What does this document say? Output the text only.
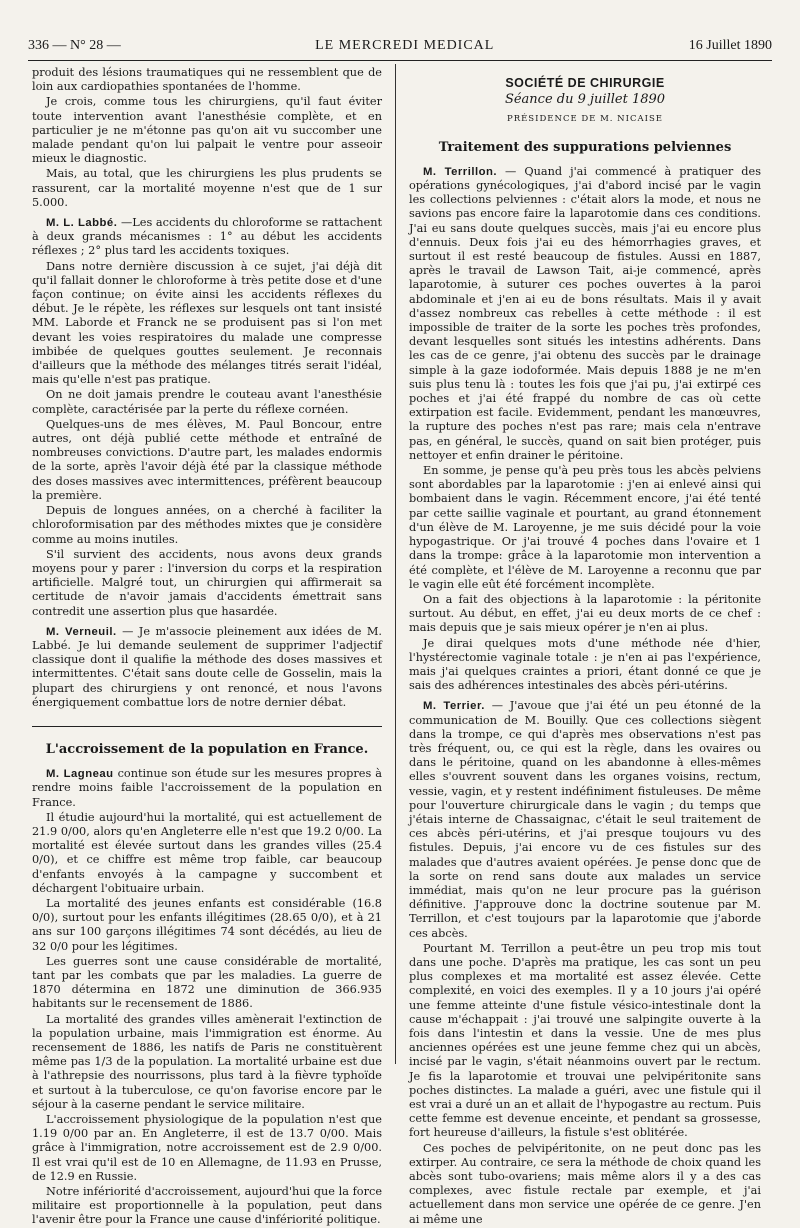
336 — N° 28 —	LE MERCREDI MEDICAL	16 Juillet 1890

produit des lésions traumatiques qui ne ressemblent que de loin aux cardiopathies spontanées de l'homme.

Je crois, comme tous les chirurgiens, qu'il faut éviter toute intervention avant l'anesthésie complète, et en particulier je ne m'étonne pas qu'on ait vu succomber une malade pendant qu'on lui palpait le ventre pour asseoir mieux le diagnostic.

Mais, au total, que les chirurgiens les plus prudents se rassurent, car la mortalité moyenne n'est que de 1 sur 5.000.

M. L. Labbé. —Les accidents du chloroforme se rattachent à deux grands mécanismes : 1° au début les accidents réflexes ; 2° plus tard les accidents toxiques.

Dans notre dernière discussion à ce sujet, j'ai déjà dit qu'il fallait donner le chloroforme à très petite dose et d'une façon continue; on évite ainsi les accidents réflexes du début. Je le répète, les réflexes sur lesquels ont tant insisté MM. Laborde et Franck ne se produisent pas si l'on met devant les voies respiratoires du malade une compresse imbibée de quelques gouttes seulement. Je reconnais d'ailleurs que la méthode des mélanges titrés serait l'idéal, mais qu'elle n'est pas pratique.

On ne doit jamais prendre le couteau avant l'anesthésie complète, caractérisée par la perte du réflexe cornéen.

Quelques-uns de mes élèves, M. Paul Boncour, entre autres, ont déjà publié cette méthode et entraîné de nombreuses convictions. D'autre part, les malades endormis de la sorte, après l'avoir déjà été par la classique méthode des doses massives avec intermittences, préfèrent beaucoup la première.

Depuis de longues années, on a cherché à faciliter la chloroformisation par des méthodes mixtes que je considère comme au moins inutiles.

S'il survient des accidents, nous avons deux grands moyens pour y parer : l'inversion du corps et la respiration artificielle. Malgré tout, un chirurgien qui affirmerait sa certitude de n'avoir jamais d'accidents émettrait sans contredit une assertion plus que hasardée.

M. Verneuil. — Je m'associe pleinement aux idées de M. Labbé. Je lui demande seulement de supprimer l'adjectif classique dont il qualifie la méthode des doses massives et intermittentes. C'était sans doute celle de Gosselin, mais la plupart des chirurgiens y ont renoncé, et nous l'avons énergiquement combattue lors de notre dernier débat.

L'accroissement de la population en France.

M. Lagneau continue son étude sur les mesures propres à rendre moins faible l'accroissement de la population en France.

Il étudie aujourd'hui la mortalité, qui est actuellement de 21.9 0/00, alors qu'en Angleterre elle n'est que 19.2 0/00. La mortalité est élevée surtout dans les grandes villes (25.4 0/0), et ce chiffre est même trop faible, car beaucoup d'enfants envoyés à la campagne y succombent et déchargent l'obituaire urbain.

La mortalité des jeunes enfants est considérable (16.8 0/0), surtout pour les enfants illégitimes (28.65 0/0), et à 21 ans sur 100 garçons illégitimes 74 sont décédés, au lieu de 32 0/0 pour les légitimes.

Les guerres sont une cause considérable de mortalité, tant par les combats que par les maladies. La guerre de 1870 détermina en 1872 une diminution de 366.935 habitants sur le recensement de 1886.

La mortalité des grandes villes amènerait l'extinction de la population urbaine, mais l'immigration est énorme. Au recensement de 1886, les natifs de Paris ne constituèrent même pas 1/3 de la population. La mortalité urbaine est due à l'athrepsie des nourrissons, plus tard à la fièvre typhoïde et surtout à la tuberculose, ce qu'on favorise encore par le séjour à la caserne pendant le service militaire.

L'accroissement physiologique de la population n'est que 1.19 0/00 par an. En Angleterre, il est de 13.7 0/00. Mais grâce à l'immigration, notre accroissement est de 2.9 0/00. Il est vrai qu'il est de 10 en Allemagne, de 11.93 en Prusse, de 12.9 en Russie.

Notre infériorité d'accroissement, aujourd'hui que la force militaire est proportionnelle à la population, peut dans l'avenir être pour la France une cause d'infériorité politique.

SOCIÉTÉ DE CHIRURGIE
Séance du 9 juillet 1890
PRÉSIDENCE DE M. NICAISE
Traitement des suppurations pelviennes

M. Terrillon. — Quand j'ai commencé à pratiquer des opérations gynécologiques, j'ai d'abord incisé par le vagin les collections pelviennes : c'était alors la mode, et nous ne savions pas encore faire la laparotomie dans ces conditions. J'ai eu sans doute quelques succès, mais j'ai eu encore plus d'ennuis. Deux fois j'ai eu des hémorrhagies graves, et surtout il est resté beaucoup de fistules. Aussi en 1887, après le travail de Lawson Tait, ai-je commencé, après laparotomie, à suturer ces poches ouvertes à la paroi abdominale et j'en ai eu de bons résultats. Mais il y avait d'assez nombreux cas rebelles à cette méthode : il est impossible de traiter de la sorte les poches très profondes, devant lesquelles sont situés les intestins adhérents. Dans les cas de ce genre, j'ai obtenu des succès par le drainage simple à la gaze iodoformée. Mais depuis 1888 je ne m'en suis plus tenu là : toutes les fois que j'ai pu, j'ai extirpé ces poches et j'ai été frappé du nombre de cas où cette extirpation est facile. Evidemment, pendant les manœuvres, la rupture des poches n'est pas rare; mais cela n'entrave pas, en général, le succès, quand on sait bien protéger, puis nettoyer et enfin drainer le péritoine.

En somme, je pense qu'à peu près tous les abcès pelviens sont abordables par la laparotomie : j'en ai enlevé ainsi qui bombaient dans le vagin. Récemment encore, j'ai été tenté par cette saillie vaginale et pourtant, au grand étonnement d'un élève de M. Laroyenne, je me suis décidé pour la voie hypogastrique. Or j'ai trouvé 4 poches dans l'ovaire et 1 dans la trompe: grâce à la laparotomie mon intervention a été complète, et l'élève de M. Laroyenne a reconnu que par le vagin elle eût été forcément incomplète.

On a fait des objections à la laparotomie : la péritonite surtout. Au début, en effet, j'ai eu deux morts de ce chef : mais depuis que je sais mieux opérer je n'en ai plus.

Je dirai quelques mots d'une méthode née d'hier, l'hystérectomie vaginale totale : je n'en ai pas l'expérience, mais j'ai quelques craintes a priori, étant donné ce que je sais des adhérences intestinales des abcès péri-utérins.

M. Terrier. — J'avoue que j'ai été un peu étonné de la communication de M. Bouilly. Que ces collections siègent dans la trompe, ce qui d'après mes observations n'est pas très fréquent, ou, ce qui est la règle, dans les ovaires ou dans le péritoine, quand on les abandonne à elles-mêmes elles s'ouvrent souvent dans les organes voisins, rectum, vessie, vagin, et y restent indéfiniment fistuleuses. De même pour l'ouverture chirurgicale dans le vagin ; du temps que j'étais interne de Chassaignac, c'était le seul traitement de ces abcès péri-utérins, et j'ai presque toujours vu des fistules. Depuis, j'ai encore vu de ces fistules sur des malades que d'autres avaient opérées. Je pense donc que de la sorte on rend sans doute aux malades un service immédiat, mais qu'on ne leur procure pas la guérison définitive. J'approuve donc la doctrine soutenue par M. Terrillon, et c'est toujours par la laparotomie que j'aborde ces abcès.

Pourtant M. Terrillon a peut-être un peu trop mis tout dans une poche. D'après ma pratique, les cas sont un peu plus complexes et ma mortalité est assez élevée. Cette complexité, en voici des exemples. Il y a 10 jours j'ai opéré une femme atteinte d'une fistule vésico-intestinale dont la cause m'échappait : j'ai trouvé une salpingite ouverte à la fois dans l'intestin et dans la vessie. Une de mes plus anciennes opérées est une jeune femme chez qui un abcès, incisé par le vagin, s'était néanmoins ouvert par le rectum. Je fis la laparotomie et trouvai une pelvipéritonite sans poches distinctes. La malade a guéri, avec une fistule qui il est vrai a duré un an et allait de l'hypogastre au rectum. Puis cette femme est devenue enceinte, et pendant sa grossesse, fort heureuse d'ailleurs, la fistule s'est oblitérée.

Ces poches de pelvipéritonite, on ne peut donc pas les extirper. Au contraire, ce sera la méthode de choix quand les abcès sont tubo-ovariens; mais même alors il y a des cas complexes, avec fistule rectale par exemple, et j'ai actuellement dans mon service une opérée de ce genre. J'en ai même une
